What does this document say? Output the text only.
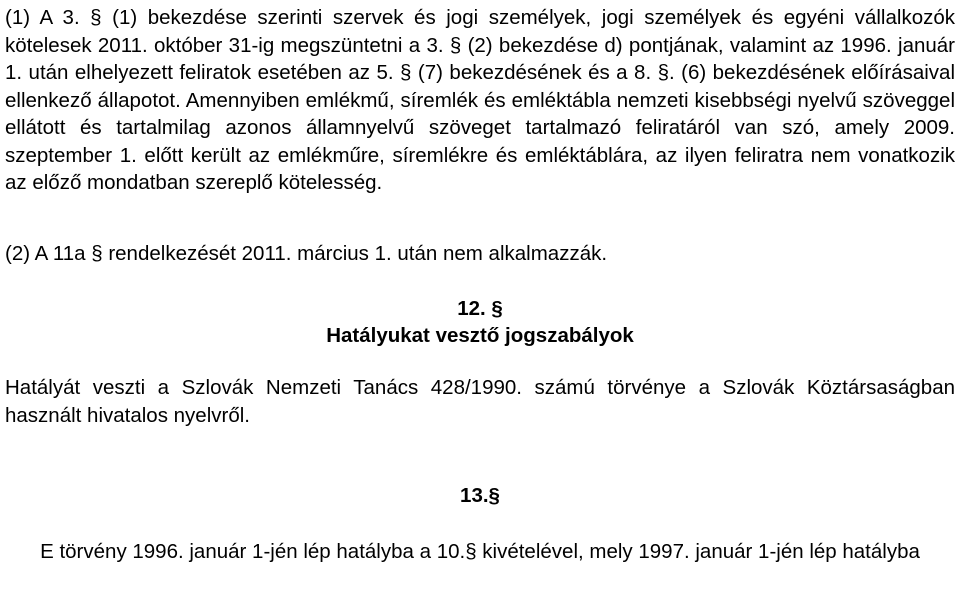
(1) A 3. § (1) bekezdése szerinti szervek és jogi személyek, jogi személyek és egyéni vállalkozók kötelesek 2011. október 31-ig megszüntetni a 3. § (2) bekezdése d) pontjának, valamint az 1996. január 1. után elhelyezett feliratok esetében az 5. § (7) bekezdésének és a 8. §. (6) bekezdésének előírásaival ellenkező állapotot. Amennyiben emlékmű, síremlék és emléktábla nemzeti kisebbségi nyelvű szöveggel ellátott és tartalmilag azonos államnyelvű szöveget tartalmazó feliratáról van szó, amely 2009. szeptember 1. előtt került az emlékműre, síremlékre és emléktáblára, az ilyen feliratra nem vonatkozik az előző mondatban szereplő kötelesség.

(2) A 11a § rendelkezését 2011. március 1. után nem alkalmazzák.

12. §

Hatályukat vesztő jogszabályok

Hatályát veszti a Szlovák Nemzeti Tanács 428/1990. számú törvénye a Szlovák Köztársaságban használt hivatalos nyelvről.

13.§

E törvény 1996. január 1-jén lép hatályba a 10.§ kivételével, mely 1997. január 1-jén lép hatályba
